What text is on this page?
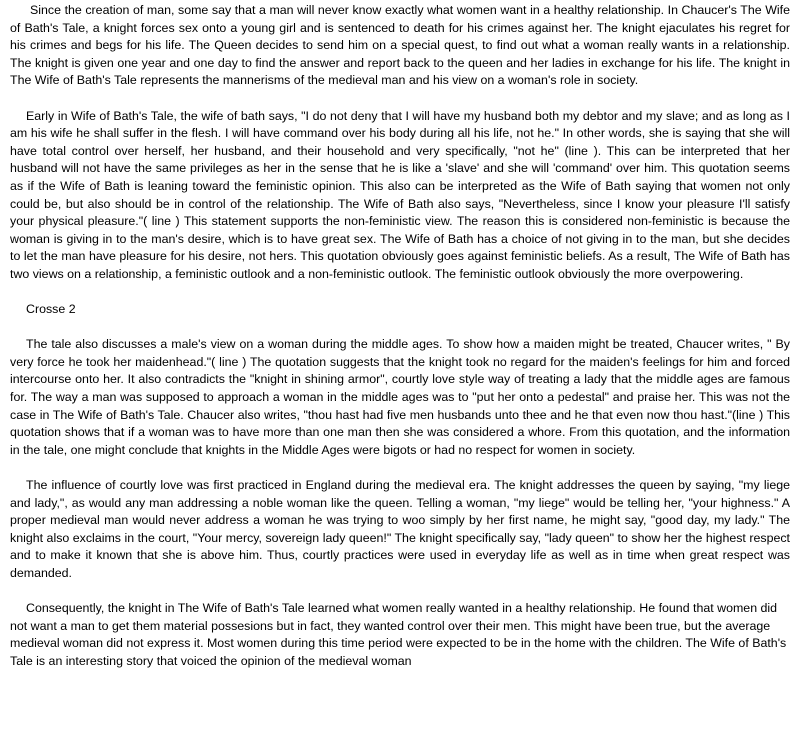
Since the creation of man, some say that a man will never know exactly what women want in a healthy relationship. In Chaucer's The Wife of Bath's Tale, a knight forces sex onto a young girl and is sentenced to death for his crimes against her. The knight ejaculates his regret for his crimes and begs for his life. The Queen decides to send him on a special quest, to find out what a woman really wants in a relationship. The knight is given one year and one day to find the answer and report back to the queen and her ladies in exchange for his life. The knight in The Wife of Bath's Tale represents the mannerisms of the medieval man and his view on a woman's role in society.

Early in Wife of Bath's Tale, the wife of bath says, "I do not deny that I will have my husband both my debtor and my slave; and as long as I am his wife he shall suffer in the flesh. I will have command over his body during all his life, not he." In other words, she is saying that she will have total control over herself, her husband, and their household and very specifically, "not he" (line ). This can be interpreted that her husband will not have the same privileges as her in the sense that he is like a 'slave' and she will 'command' over him. This quotation seems as if the Wife of Bath is leaning toward the feministic opinion. This also can be interpreted as the Wife of Bath saying that women not only could be, but also should be in control of the relationship. The Wife of Bath also says, "Nevertheless, since I know your pleasure I'll satisfy your physical pleasure."( line ) This statement supports the non-feministic view. The reason this is considered non-feministic is because the woman is giving in to the man's desire, which is to have great sex. The Wife of Bath has a choice of not giving in to the man, but she decides to let the man have pleasure for his desire, not hers. This quotation obviously goes against feministic beliefs. As a result, The Wife of Bath has two views on a relationship, a feministic outlook and a non-feministic outlook. The feministic outlook obviously the more overpowering.

Crosse 2

The tale also discusses a male's view on a woman during the middle ages. To show how a maiden might be treated, Chaucer writes, " By very force he took her maidenhead."( line ) The quotation suggests that the knight took no regard for the maiden's feelings for him and forced intercourse onto her. It also contradicts the "knight in shining armor", courtly love style way of treating a lady that the middle ages are famous for. The way a man was supposed to approach a woman in the middle ages was to "put her onto a pedestal" and praise her. This was not the case in The Wife of Bath's Tale. Chaucer also writes, "thou hast had five men husbands unto thee and he that even now thou hast."(line ) This quotation shows that if a woman was to have more than one man then she was considered a whore. From this quotation, and the information in the tale, one might conclude that knights in the Middle Ages were bigots or had no respect for women in society.

The influence of courtly love was first practiced in England during the medieval era. The knight addresses the queen by saying, "my liege and lady,", as would any man addressing a noble woman like the queen. Telling a woman, "my liege" would be telling her, "your highness." A proper medieval man would never address a woman he was trying to woo simply by her first name, he might say, "good day, my lady." The knight also exclaims in the court, "Your mercy, sovereign lady queen!" The knight specifically say, "lady queen" to show her the highest respect and to make it known that she is above him. Thus, courtly practices were used in everyday life as well as in time when great respect was demanded.

Consequently, the knight in The Wife of Bath's Tale learned what women really wanted in a healthy relationship. He found that women did not want a man to get them material possesions but in fact, they wanted control over their men. This might have been true, but the average medieval woman did not express it. Most women during this time period were expected to be in the home with the children. The Wife of Bath's Tale is an interesting story that voiced the opinion of the medieval woman
